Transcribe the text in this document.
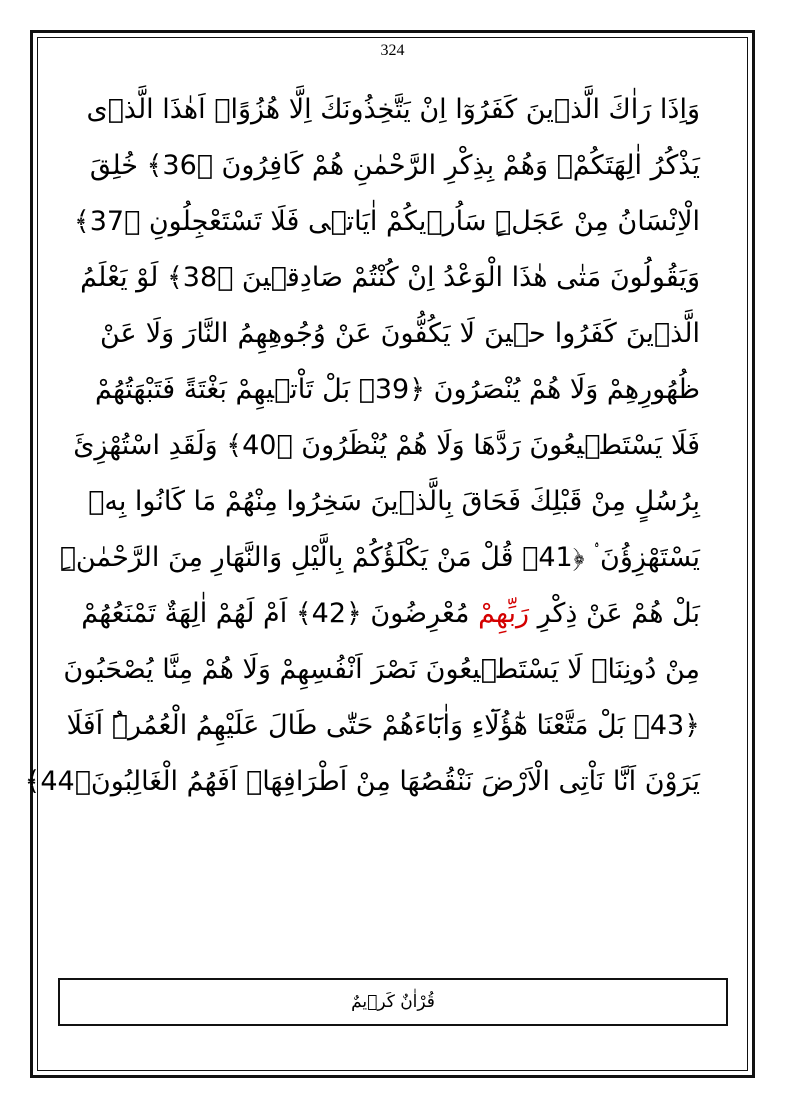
324
وَاِذَا رَاٰكَ الَّذٖينَ كَفَرُوٓا اِنْ يَتَّخِذُونَكَ اِلَّا هُزُوًاۜ اَهٰذَا الَّذٖى
يَذْكُرُ اٰلِهَتَكُمْۚ وَهُمْ بِذِكْرِ الرَّحْمٰنِ هُمْ كَافِرُونَ ﴿36﴾ خُلِقَ
الْاِنْسَانُ مِنْ عَجَلٍۜ سَاُرٖيكُمْ اٰيَاتٖى فَلَا تَسْتَعْجِلُونِ ﴿37﴾
وَيَقُولُونَ مَتٰى هٰذَا الْوَعْدُ اِنْ كُنْتُمْ صَادِقٖينَ ﴿38﴾ لَوْ يَعْلَمُ
الَّذٖينَ كَفَرُوا حٖينَ لَا يَكُفُّونَ عَنْ وُجُوهِهِمُ النَّارَ وَلَا عَنْ
ظُهُورِهِمْ وَلَا هُمْ يُنْصَرُونَ ﴿39﴾ بَلْ تَاْتٖيهِمْ بَغْتَةً فَتَبْهَتُهُمْ
فَلَا يَسْتَطٖيعُونَ رَدَّهَا وَلَا هُمْ يُنْظَرُونَ ﴿40﴾ وَلَقَدِ اسْتُهْزِئَ
بِرُسُلٍ مِنْ قَبْلِكَ فَحَاقَ بِالَّذٖينَ سَخِرُوا مِنْهُمْ مَا كَانُوا بِهٖ
يَسْتَهْزِؤُنَ ۟ ﴿41﴾ قُلْ مَنْ يَكْلَؤُكُمْ بِالَّيْلِ وَالنَّهَارِ مِنَ الرَّحْمٰنِۜ
بَلْ هُمْ عَنْ ذِكْرِ رَبِّهِمْ مُعْرِضُونَ ﴿42﴾ اَمْ لَهُمْ اٰلِهَةٌ تَمْنَعُهُمْ
مِنْ دُونِنَاۜ لَا يَسْتَطٖيعُونَ نَصْرَ اَنْفُسِهِمْ وَلَا هُمْ مِنَّا يُصْحَبُونَ
﴿43﴾ بَلْ مَتَّعْنَا هٰٓؤُلَٓاءِ وَاٰبَٓاءَهُمْ حَتّٰى طَالَ عَلَيْهِمُ الْعُمُرُۜ اَفَلَا
يَرَوْنَ اَنَّا نَاْتِى الْاَرْضَ نَنْقُصُهَا مِنْ اَطْرَافِهَاۜ اَفَهُمُ الْغَالِبُونَ﴿44﴾
قُرْاٰنٌ كَرٖيمٌ
